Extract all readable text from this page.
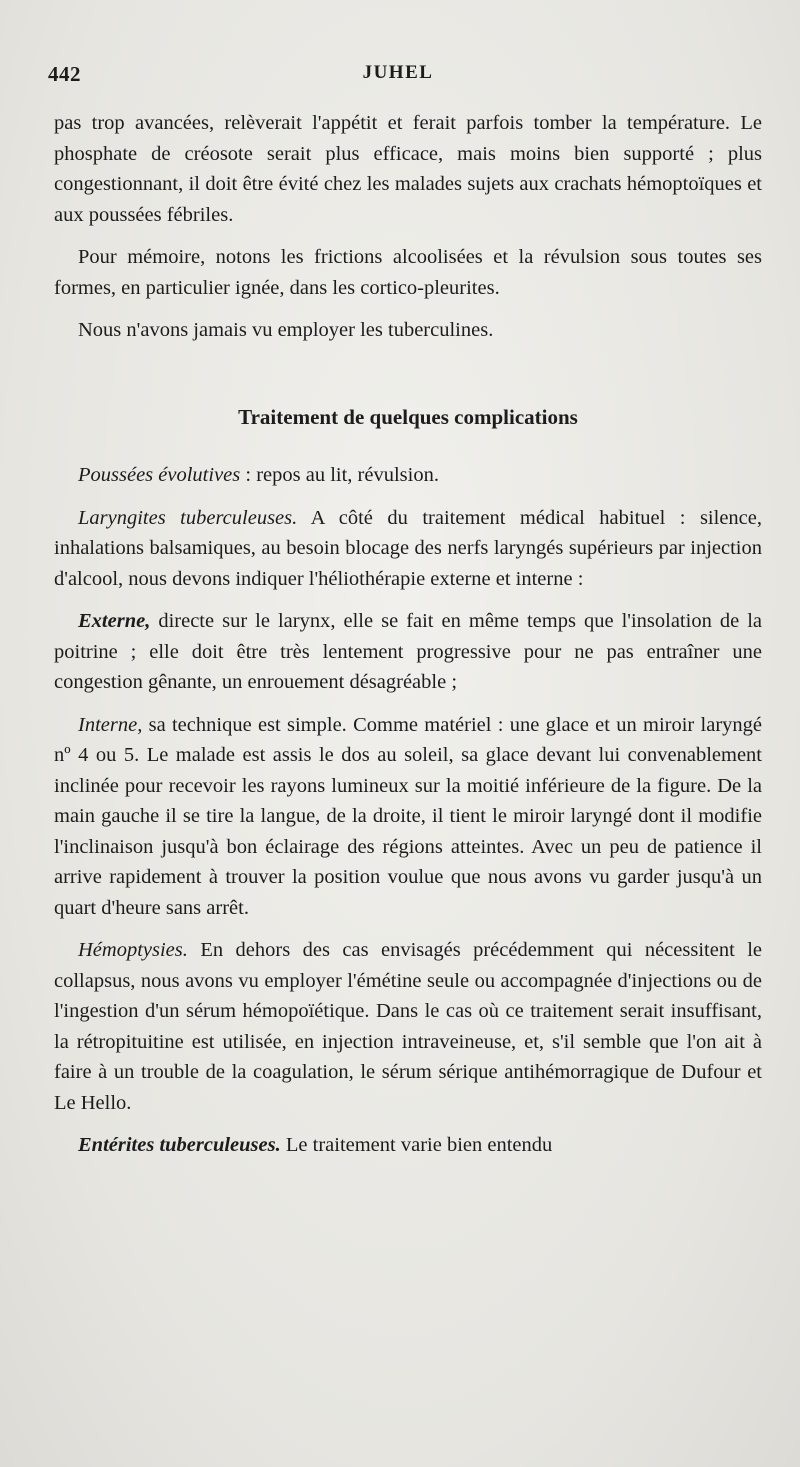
442	JUHEL

pas trop avancées, relèverait l'appétit et ferait parfois tomber la température. Le phosphate de créosote serait plus efficace, mais moins bien supporté ; plus congestionnant, il doit être évité chez les malades sujets aux crachats hémoptoïques et aux poussées fébriles.

Pour mémoire, notons les frictions alcoolisées et la révulsion sous toutes ses formes, en particulier ignée, dans les cortico-pleurites.

Nous n'avons jamais vu employer les tuberculines.

Traitement de quelques complications

Poussées évolutives : repos au lit, révulsion.

Laryngites tuberculeuses. A côté du traitement médical habituel : silence, inhalations balsamiques, au besoin blocage des nerfs laryngés supérieurs par injection d'alcool, nous devons indiquer l'héliothérapie externe et interne :

Externe, directe sur le larynx, elle se fait en même temps que l'insolation de la poitrine ; elle doit être très lentement progressive pour ne pas entraîner une congestion gênante, un enrouement désagréable ;

Interne, sa technique est simple. Comme matériel : une glace et un miroir laryngé nº 4 ou 5. Le malade est assis le dos au soleil, sa glace devant lui convenablement inclinée pour recevoir les rayons lumineux sur la moitié inférieure de la figure. De la main gauche il se tire la langue, de la droite, il tient le miroir laryngé dont il modifie l'inclinaison jusqu'à bon éclairage des régions atteintes. Avec un peu de patience il arrive rapidement à trouver la position voulue que nous avons vu garder jusqu'à un quart d'heure sans arrêt.

Hémoptysies. En dehors des cas envisagés précédemment qui nécessitent le collapsus, nous avons vu employer l'émétine seule ou accompagnée d'injections ou de l'ingestion d'un sérum hémopoïétique. Dans le cas où ce traitement serait insuffisant, la rétropituitine est utilisée, en injection intraveineuse, et, s'il semble que l'on ait à faire à un trouble de la coagulation, le sérum sérique antihémorragique de Dufour et Le Hello.

Entérites tuberculeuses. Le traitement varie bien entendu
